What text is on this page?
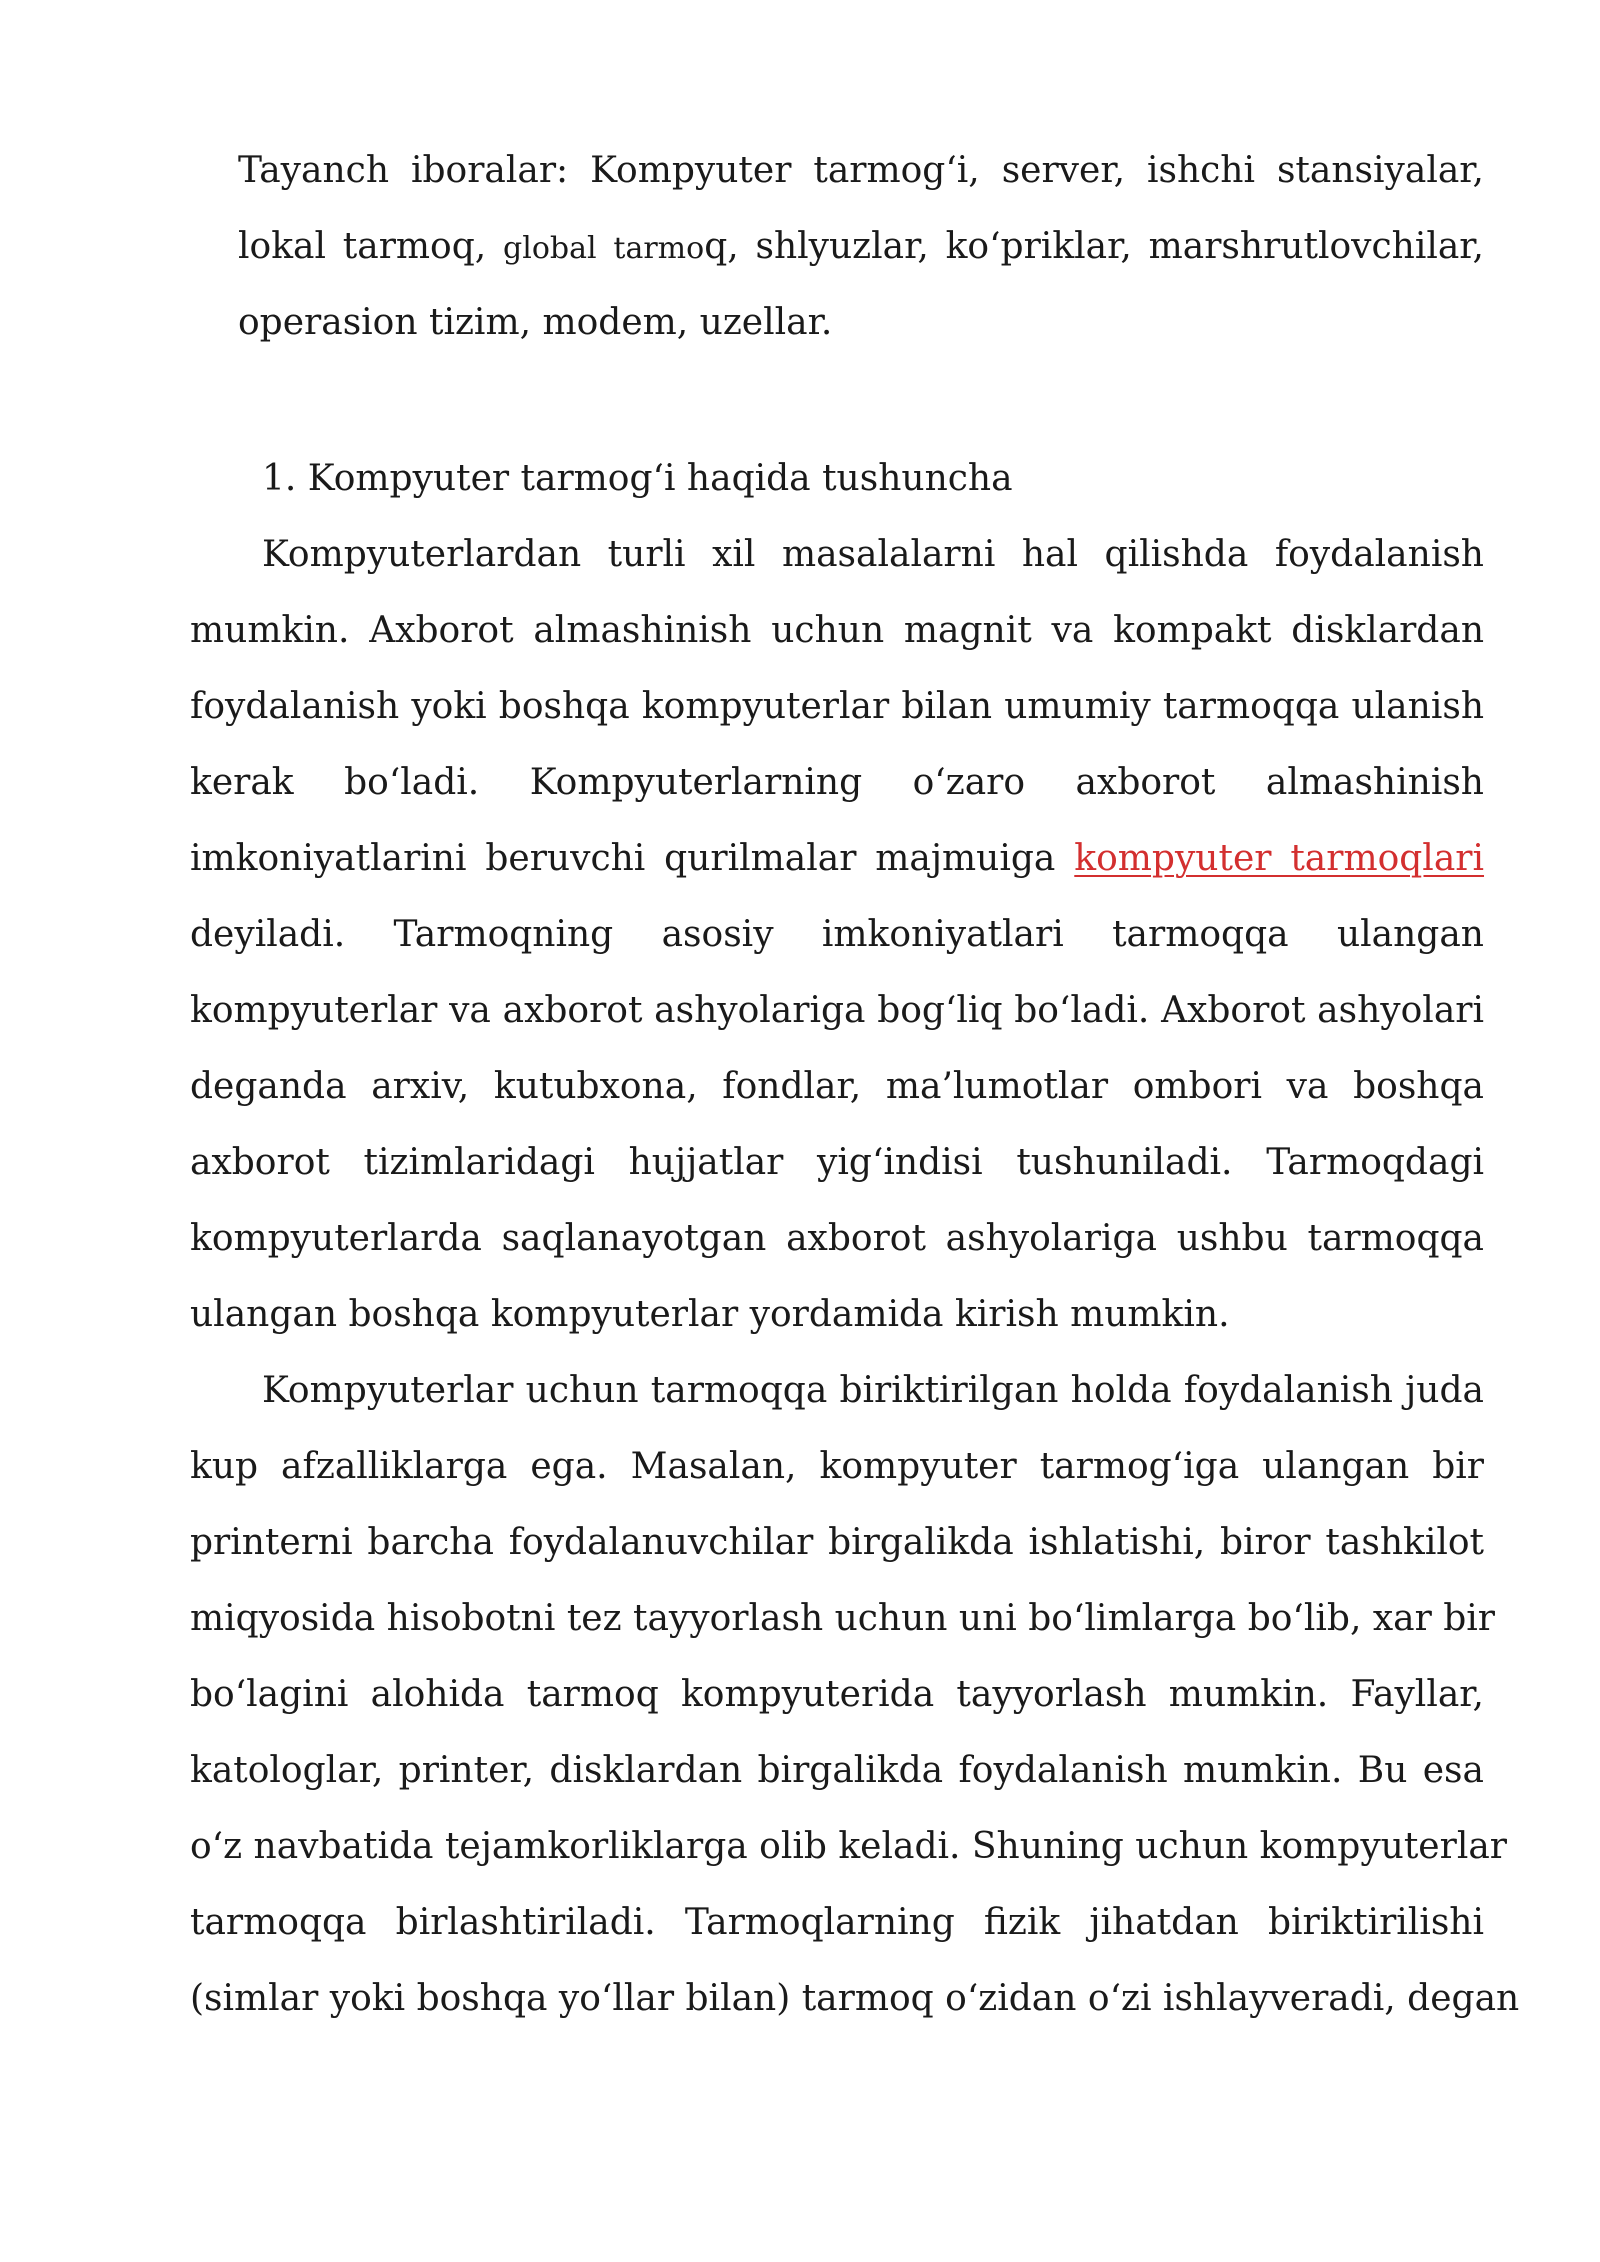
Tayanch iboralar: Kompyuter tarmog‘i, server, ishchi stansiyalar,
lokal tarmoq, global tarmoq, shlyuzlar, ko‘priklar, marshrutlovchilar,
operasion tizim, modem, uzellar.
1. Kompyuter tarmog‘i haqida tushuncha
Kompyuterlardan turli xil masalalarni hal qilishda foydalanish
mumkin. Axborot almashinish uchun magnit va kompakt disklardan
foydalanish yoki boshqa kompyuterlar bilan umumiy tarmoqqa ulanish
kerak bo‘ladi. Kompyuterlarning o‘zaro axborot almashinish
imkoniyatlarini beruvchi qurilmalar majmuiga kompyuter tarmoqlari
deyiladi. Tarmoqning asosiy imkoniyatlari tarmoqqa ulangan
kompyuterlar va axborot ashyolariga bog‘liq bo‘ladi. Axborot ashyolari
deganda arxiv, kutubxona, fondlar, ma’lumotlar ombori va boshqa
axborot tizimlaridagi hujjatlar yig‘indisi tushuniladi. Tarmoqdagi
kompyuterlarda saqlanayotgan axborot ashyolariga ushbu tarmoqqa
ulangan boshqa kompyuterlar yordamida kirish mumkin.
Kompyuterlar uchun tarmoqqa biriktirilgan holda foydalanish juda
kup afzalliklarga ega. Masalan, kompyuter tarmog‘iga ulangan bir
printerni barcha foydalanuvchilar birgalikda ishlatishi, biror tashkilot
miqyosida hisobotni tez tayyorlash uchun uni bo‘limlarga bo‘lib, xar bir
bo‘lagini alohida tarmoq kompyuterida tayyorlash mumkin. Fayllar,
katologlar, printer, disklardan birgalikda foydalanish mumkin. Bu esa
o‘z navbatida tejamkorliklarga olib keladi. Shuning uchun kompyuterlar
tarmoqqa birlashtiriladi. Tarmoqlarning fizik jihatdan biriktirilishi
(simlar yoki boshqa yo‘llar bilan) tarmoq o‘zidan o‘zi ishlayveradi, degan
